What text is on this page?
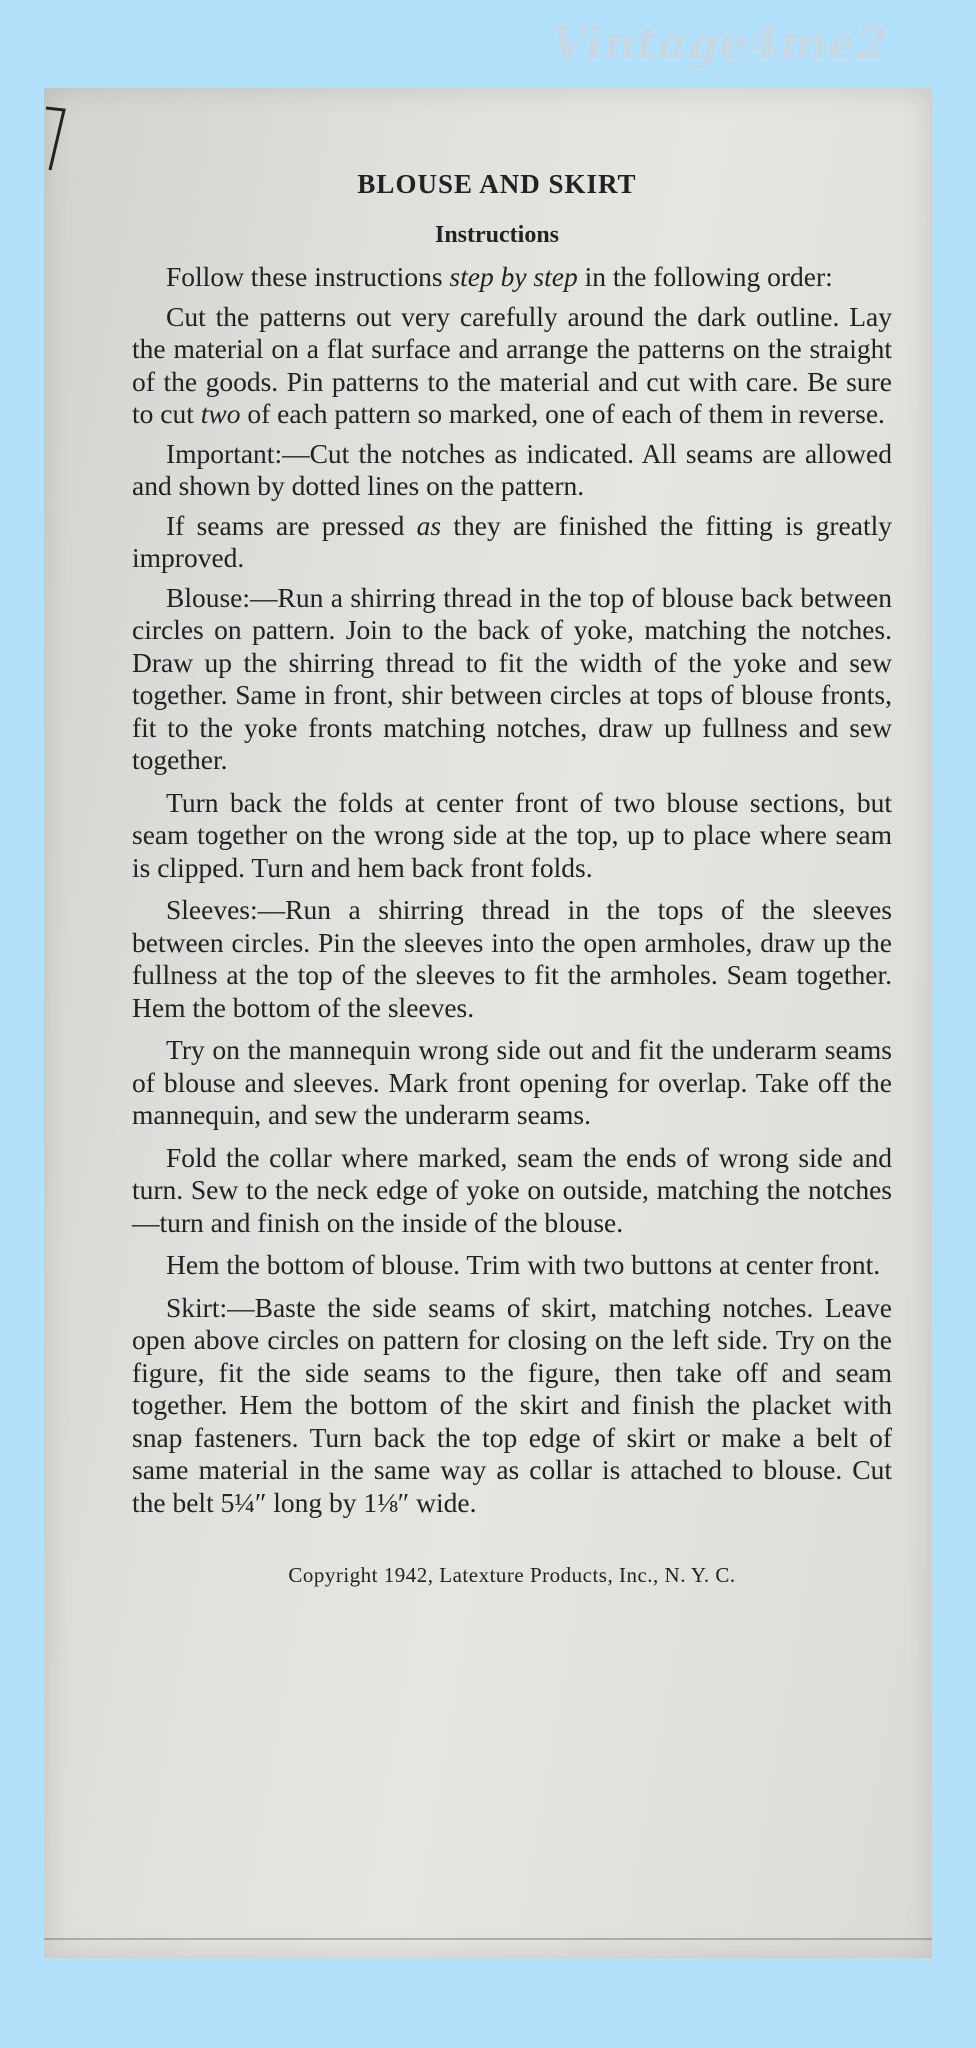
Vintage4me2
BLOUSE AND SKIRT
Instructions

Follow these instructions step by step in the following order:

Cut the patterns out very carefully around the dark outline. Lay the material on a flat surface and arrange the patterns on the straight of the goods. Pin patterns to the material and cut with care. Be sure to cut two of each pattern so marked, one of each of them in reverse.

Important:—Cut the notches as indicated. All seams are allowed and shown by dotted lines on the pattern.

If seams are pressed as they are finished the fitting is greatly improved.

Blouse:—Run a shirring thread in the top of blouse back between circles on pattern. Join to the back of yoke, matching the notches. Draw up the shirring thread to fit the width of the yoke and sew together. Same in front, shir between circles at tops of blouse fronts, fit to the yoke fronts matching notches, draw up fullness and sew together.

Turn back the folds at center front of two blouse sections, but seam together on the wrong side at the top, up to place where seam is clipped. Turn and hem back front folds.

Sleeves:—Run a shirring thread in the tops of the sleeves between circles. Pin the sleeves into the open armholes, draw up the fullness at the top of the sleeves to fit the armholes. Seam together. Hem the bottom of the sleeves.

Try on the mannequin wrong side out and fit the underarm seams of blouse and sleeves. Mark front opening for overlap. Take off the mannequin, and sew the underarm seams.

Fold the collar where marked, seam the ends of wrong side and turn. Sew to the neck edge of yoke on outside, matching the notches—turn and finish on the inside of the blouse.

Hem the bottom of blouse. Trim with two buttons at center front.

Skirt:—Baste the side seams of skirt, matching notches. Leave open above circles on pattern for closing on the left side. Try on the figure, fit the side seams to the figure, then take off and seam together. Hem the bottom of the skirt and finish the placket with snap fasteners. Turn back the top edge of skirt or make a belt of same material in the same way as collar is attached to blouse. Cut the belt 5¼″ long by 1⅛″ wide.

Copyright 1942, Latexture Products, Inc., N. Y. C.
